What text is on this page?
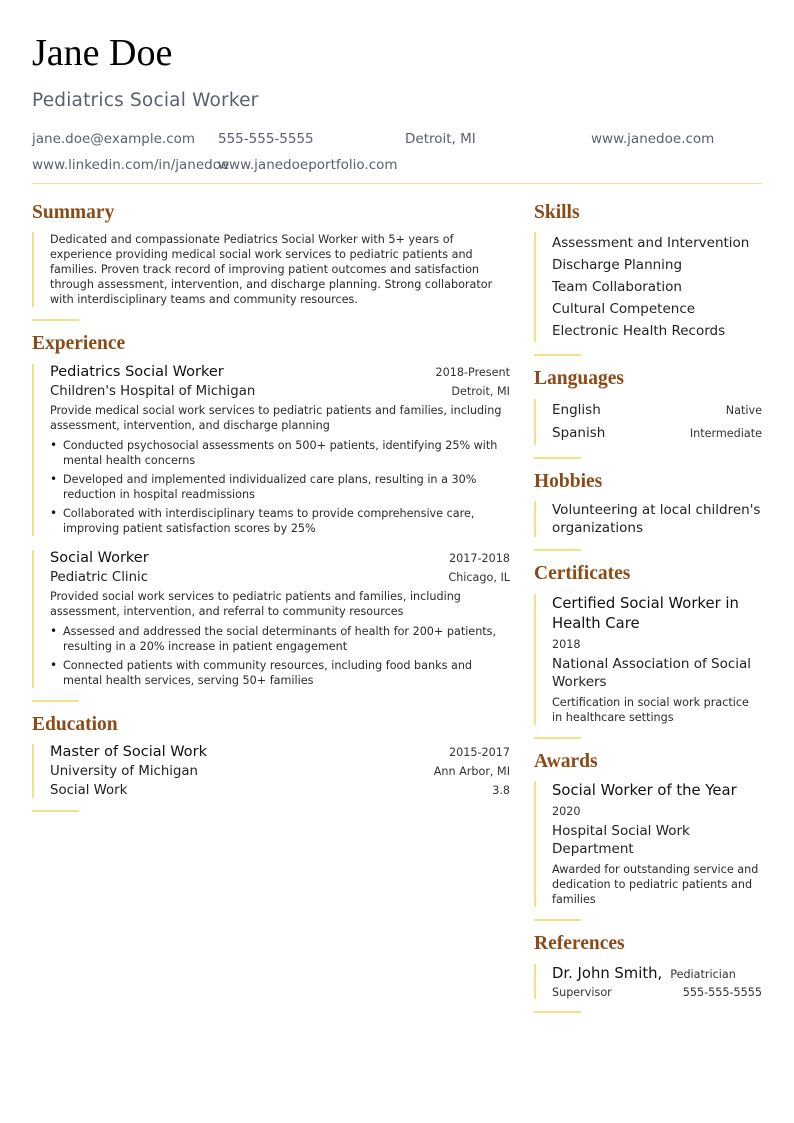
Jane Doe
Pediatrics Social Worker
jane.doe@example.com 555-555-5555	Detroit, MI	www.janedoe.com
www.linkedin.com/in/janedoe
www.janedoeportfolio.com
Summary
Dedicated and compassionate Pediatrics Social Worker with 5+ years of experience providing medical social work services to pediatric patients and families. Proven track record of improving patient outcomes and satisfaction through assessment, intervention, and discharge planning. Strong collaborator with interdisciplinary teams and community resources.
Experience
Pediatrics Social Worker	2018-Present
Children's Hospital of Michigan	Detroit, MI
Provide medical social work services to pediatric patients and families, including assessment, intervention, and discharge planning
• Conducted psychosocial assessments on 500+ patients, identifying 25% with mental health concerns
• Developed and implemented individualized care plans, resulting in a 30% reduction in hospital readmissions
• Collaborated with interdisciplinary teams to provide comprehensive care, improving patient satisfaction scores by 25%
Social Worker	2017-2018
Pediatric Clinic	Chicago, IL
Provided social work services to pediatric patients and families, including assessment, intervention, and referral to community resources
• Assessed and addressed the social determinants of health for 200+ patients, resulting in a 20% increase in patient engagement
• Connected patients with community resources, including food banks and mental health services, serving 50+ families
Education
Master of Social Work	2015-2017
University of Michigan	Ann Arbor, MI
Social Work	3.8
Skills
Assessment and Intervention
Discharge Planning
Team Collaboration
Cultural Competence
Electronic Health Records
Languages
English	Native
Spanish	Intermediate
Hobbies
Volunteering at local children's organizations
Certificates
Certified Social Worker in Health Care
2018
National Association of Social Workers
Certification in social work practice in healthcare settings
Awards
Social Worker of the Year
2020
Hospital Social Work Department
Awarded for outstanding service and dedication to pediatric patients and families
References
Dr. John Smith, Pediatrician
Supervisor	555-555-5555
